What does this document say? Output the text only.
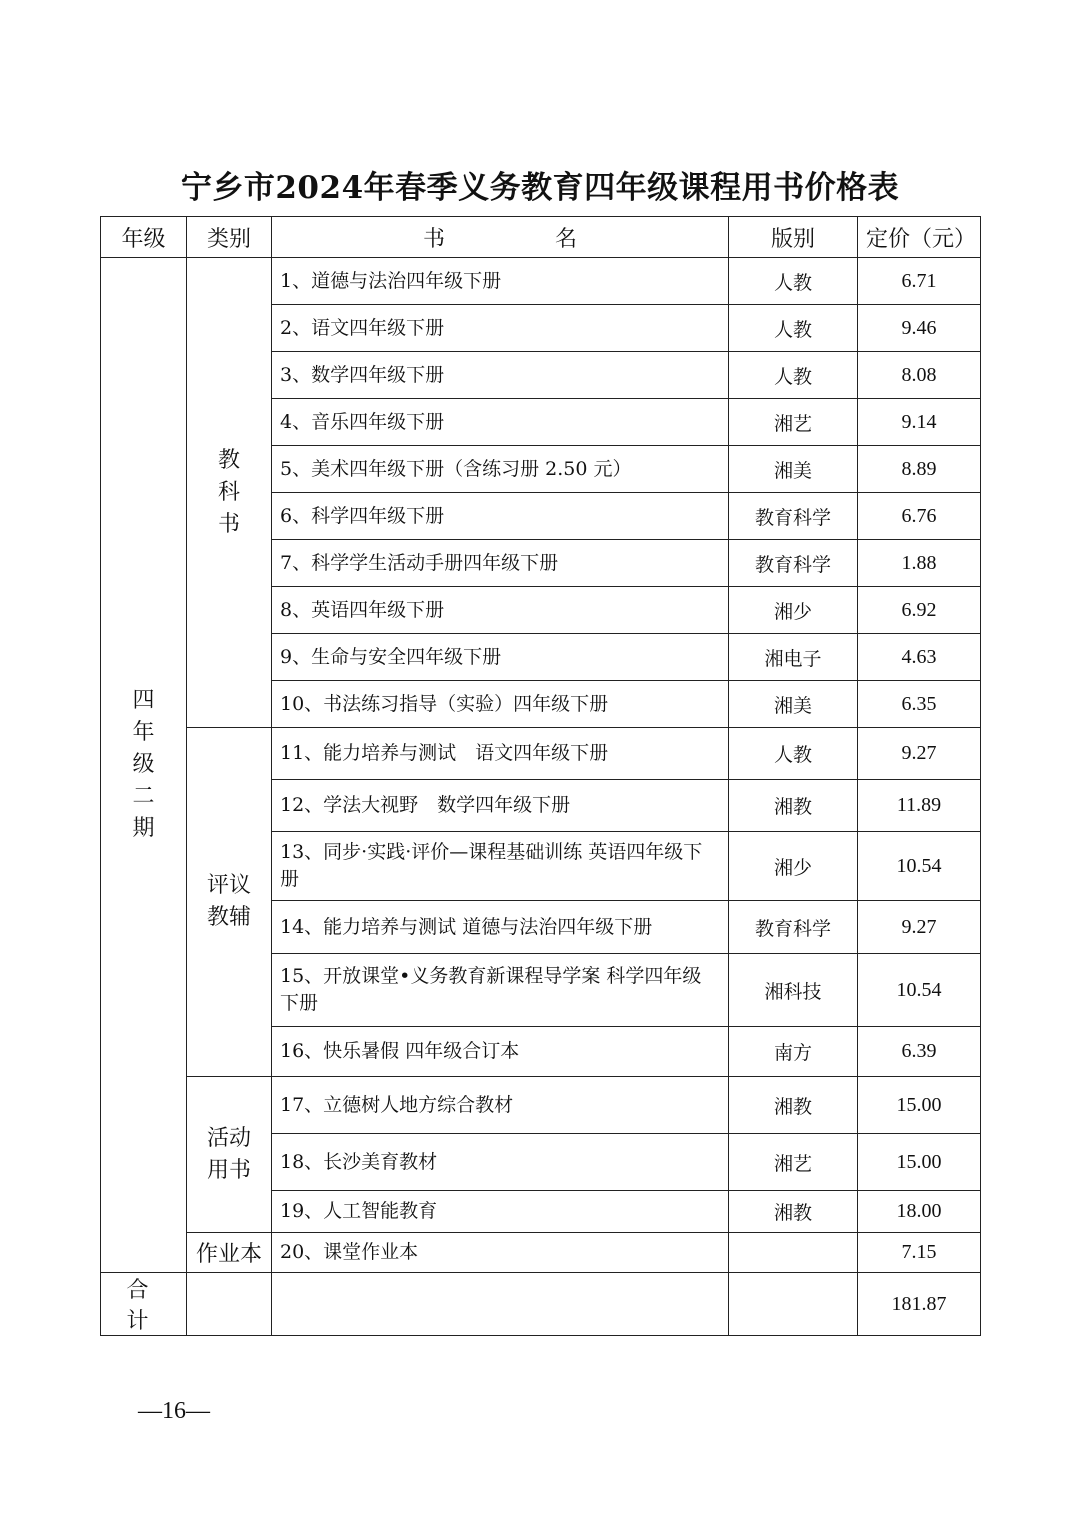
宁乡市2024年春季义务教育四年级课程用书价格表
年级	类别	书　　　　　名	版别	定价（元）
四年级二期	教科书	1、道德与法治四年级下册	人教	6.71
		2、语文四年级下册	人教	9.46
		3、数学四年级下册	人教	8.08
		4、音乐四年级下册	湘艺	9.14
		5、美术四年级下册（含练习册 2.50 元）	湘美	8.89
		6、科学四年级下册	教育科学	6.76
		7、科学学生活动手册四年级下册	教育科学	1.88
		8、英语四年级下册	湘少	6.92
		9、生命与安全四年级下册	湘电子	4.63
		10、书法练习指导（实验）四年级下册	湘美	6.35
	评议教辅	11、能力培养与测试　语文四年级下册	人教	9.27
		12、学法大视野　数学四年级下册	湘教	11.89
		13、同步·实践·评价—课程基础训练 英语四年级下册	湘少	10.54
		14、能力培养与测试 道德与法治四年级下册	教育科学	9.27
		15、开放课堂•义务教育新课程导学案 科学四年级下册	湘科技	10.54
		16、快乐暑假 四年级合订本	南方	6.39
	活动用书	17、立德树人地方综合教材	湘教	15.00
		18、长沙美育教材	湘艺	15.00
		19、人工智能教育	湘教	18.00
	作业本	20、课堂作业本		7.15
合 计				181.87
—16—
